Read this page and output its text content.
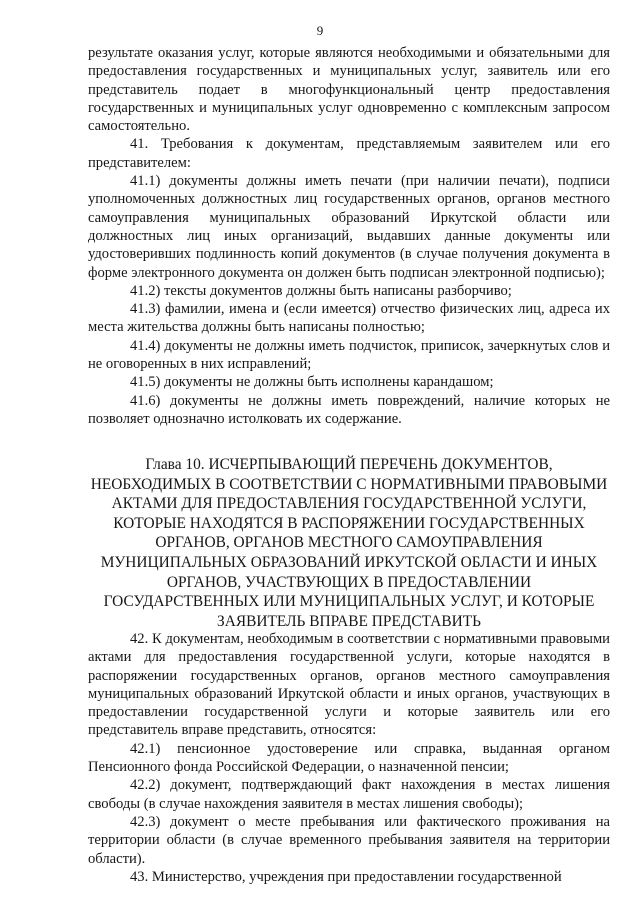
9

результате оказания услуг, которые являются необходимыми и обязательными для предоставления государственных и муниципальных услуг, заявитель или его представитель подает в многофункциональный центр предоставления государственных и муниципальных услуг одновременно с комплексным запросом самостоятельно.

41. Требования к документам, представляемым заявителем или его представителем:

41.1) документы должны иметь печати (при наличии печати), подписи уполномоченных должностных лиц государственных органов, органов местного самоуправления муниципальных образований Иркутской области или должностных лиц иных организаций, выдавших данные документы или удостоверивших подлинность копий документов (в случае получения документа в форме электронного документа он должен быть подписан электронной подписью);

41.2) тексты документов должны быть написаны разборчиво;

41.3) фамилии, имена и (если имеется) отчество физических лиц, адреса их места жительства должны быть написаны полностью;

41.4) документы не должны иметь подчисток, приписок, зачеркнутых слов и не оговоренных в них исправлений;

41.5) документы не должны быть исполнены карандашом;

41.6) документы не должны иметь повреждений, наличие которых не позволяет однозначно истолковать их содержание.

Глава 10. ИСЧЕРПЫВАЮЩИЙ ПЕРЕЧЕНЬ ДОКУМЕНТОВ,
НЕОБХОДИМЫХ В СООТВЕТСТВИИ С НОРМАТИВНЫМИ ПРАВОВЫМИ
АКТАМИ ДЛЯ ПРЕДОСТАВЛЕНИЯ ГОСУДАРСТВЕННОЙ УСЛУГИ,
КОТОРЫЕ НАХОДЯТСЯ В РАСПОРЯЖЕНИИ ГОСУДАРСТВЕННЫХ
ОРГАНОВ, ОРГАНОВ МЕСТНОГО САМОУПРАВЛЕНИЯ
МУНИЦИПАЛЬНЫХ ОБРАЗОВАНИЙ ИРКУТСКОЙ ОБЛАСТИ И ИНЫХ
ОРГАНОВ, УЧАСТВУЮЩИХ В ПРЕДОСТАВЛЕНИИ
ГОСУДАРСТВЕННЫХ ИЛИ МУНИЦИПАЛЬНЫХ УСЛУГ, И КОТОРЫЕ
ЗАЯВИТЕЛЬ ВПРАВЕ ПРЕДСТАВИТЬ

42. К документам, необходимым в соответствии с нормативными правовыми актами для предоставления государственной услуги, которые находятся в распоряжении государственных органов, органов местного самоуправления муниципальных образований Иркутской области и иных органов, участвующих в предоставлении государственной услуги и которые заявитель или его представитель вправе представить, относятся:

42.1) пенсионное удостоверение или справка, выданная органом Пенсионного фонда Российской Федерации, о назначенной пенсии;

42.2) документ, подтверждающий факт нахождения в местах лишения свободы (в случае нахождения заявителя в местах лишения свободы);

42.3) документ о месте пребывания или фактического проживания на территории области (в случае временного пребывания заявителя на территории области).

43. Министерство, учреждения при предоставлении государственной
